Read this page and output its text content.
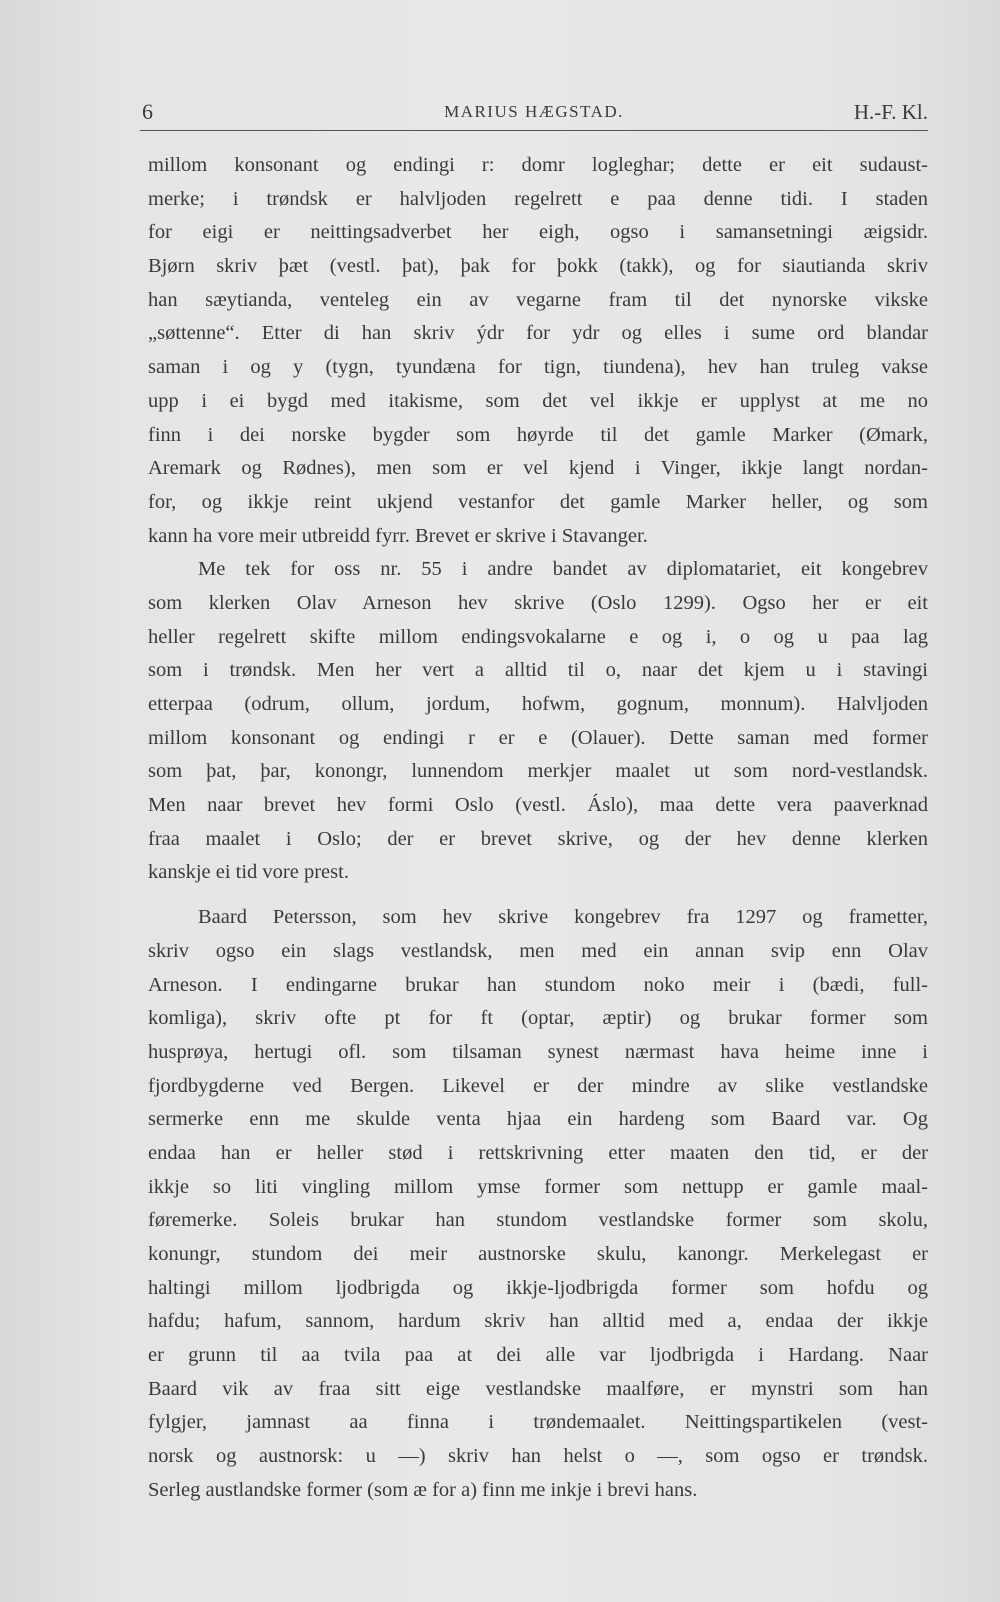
6	MARIUS HÆGSTAD.	H.-F. Kl.

millom konsonant og endingi r: domr logleghar; dette er eit sudaust-

merke; i trøndsk er halvljoden regelrett e paa denne tidi. I staden

for eigi er neittingsadverbet her eigh, ogso i samansetningi æigsidr.

Bjørn skriv þæt (vestl. þat), þak for þokk (takk), og for siautianda skriv

han sæytianda, venteleg ein av vegarne fram til det nynorske vikske

„søttenne“. Etter di han skriv ýdr for ydr og elles i sume ord blandar

saman i og y (tygn, tyundæna for tign, tiundena), hev han truleg vakse

upp i ei bygd med itakisme, som det vel ikkje er upplyst at me no

finn i dei norske bygder som høyrde til det gamle Marker (Ømark,

Aremark og Rødnes), men som er vel kjend i Vinger, ikkje langt nordan-

for, og ikkje reint ukjend vestanfor det gamle Marker heller, og som

kann ha vore meir utbreidd fyrr. Brevet er skrive i Stavanger.

Me tek for oss nr. 55 i andre bandet av diplomatariet, eit kongebrev

som klerken Olav Arneson hev skrive (Oslo 1299). Ogso her er eit

heller regelrett skifte millom endingsvokalarne e og i, o og u paa lag

som i trøndsk. Men her vert a alltid til o, naar det kjem u i stavingi

etterpaa (odrum, ollum, jordum, hofwm, gognum, monnum). Halvljoden

millom konsonant og endingi r er e (Olauer). Dette saman med former

som þat, þar, konongr, lunnendom merkjer maalet ut som nord-vestlandsk.

Men naar brevet hev formi Oslo (vestl. Áslo), maa dette vera paaverknad

fraa maalet i Oslo; der er brevet skrive, og der hev denne klerken

kanskje ei tid vore prest.

Baard Petersson, som hev skrive kongebrev fra 1297 og frametter,

skriv ogso ein slags vestlandsk, men med ein annan svip enn Olav

Arneson. I endingarne brukar han stundom noko meir i (bædi, full-

komliga), skriv ofte pt for ft (optar, æptir) og brukar former som

husprøya, hertugi ofl. som tilsaman synest nærmast hava heime inne i

fjordbygderne ved Bergen. Likevel er der mindre av slike vestlandske

sermerke enn me skulde venta hjaa ein hardeng som Baard var. Og

endaa han er heller stød i rettskrivning etter maaten den tid, er der

ikkje so liti vingling millom ymse former som nettupp er gamle maal-

føremerke. Soleis brukar han stundom vestlandske former som skolu,

konungr, stundom dei meir austnorske skulu, kanongr. Merkelegast er

haltingi millom ljodbrigda og ikkje-ljodbrigda former som hofdu og

hafdu; hafum, sannom, hardum skriv han alltid med a, endaa der ikkje

er grunn til aa tvila paa at dei alle var ljodbrigda i Hardang. Naar

Baard vik av fraa sitt eige vestlandske maalføre, er mynstri som han

fylgjer, jamnast aa finna i trøndemaalet. Neittingspartikelen (vest-

norsk og austnorsk: u —) skriv han helst o —, som ogso er trøndsk.

Serleg austlandske former (som æ for a) finn me inkje i brevi hans.
